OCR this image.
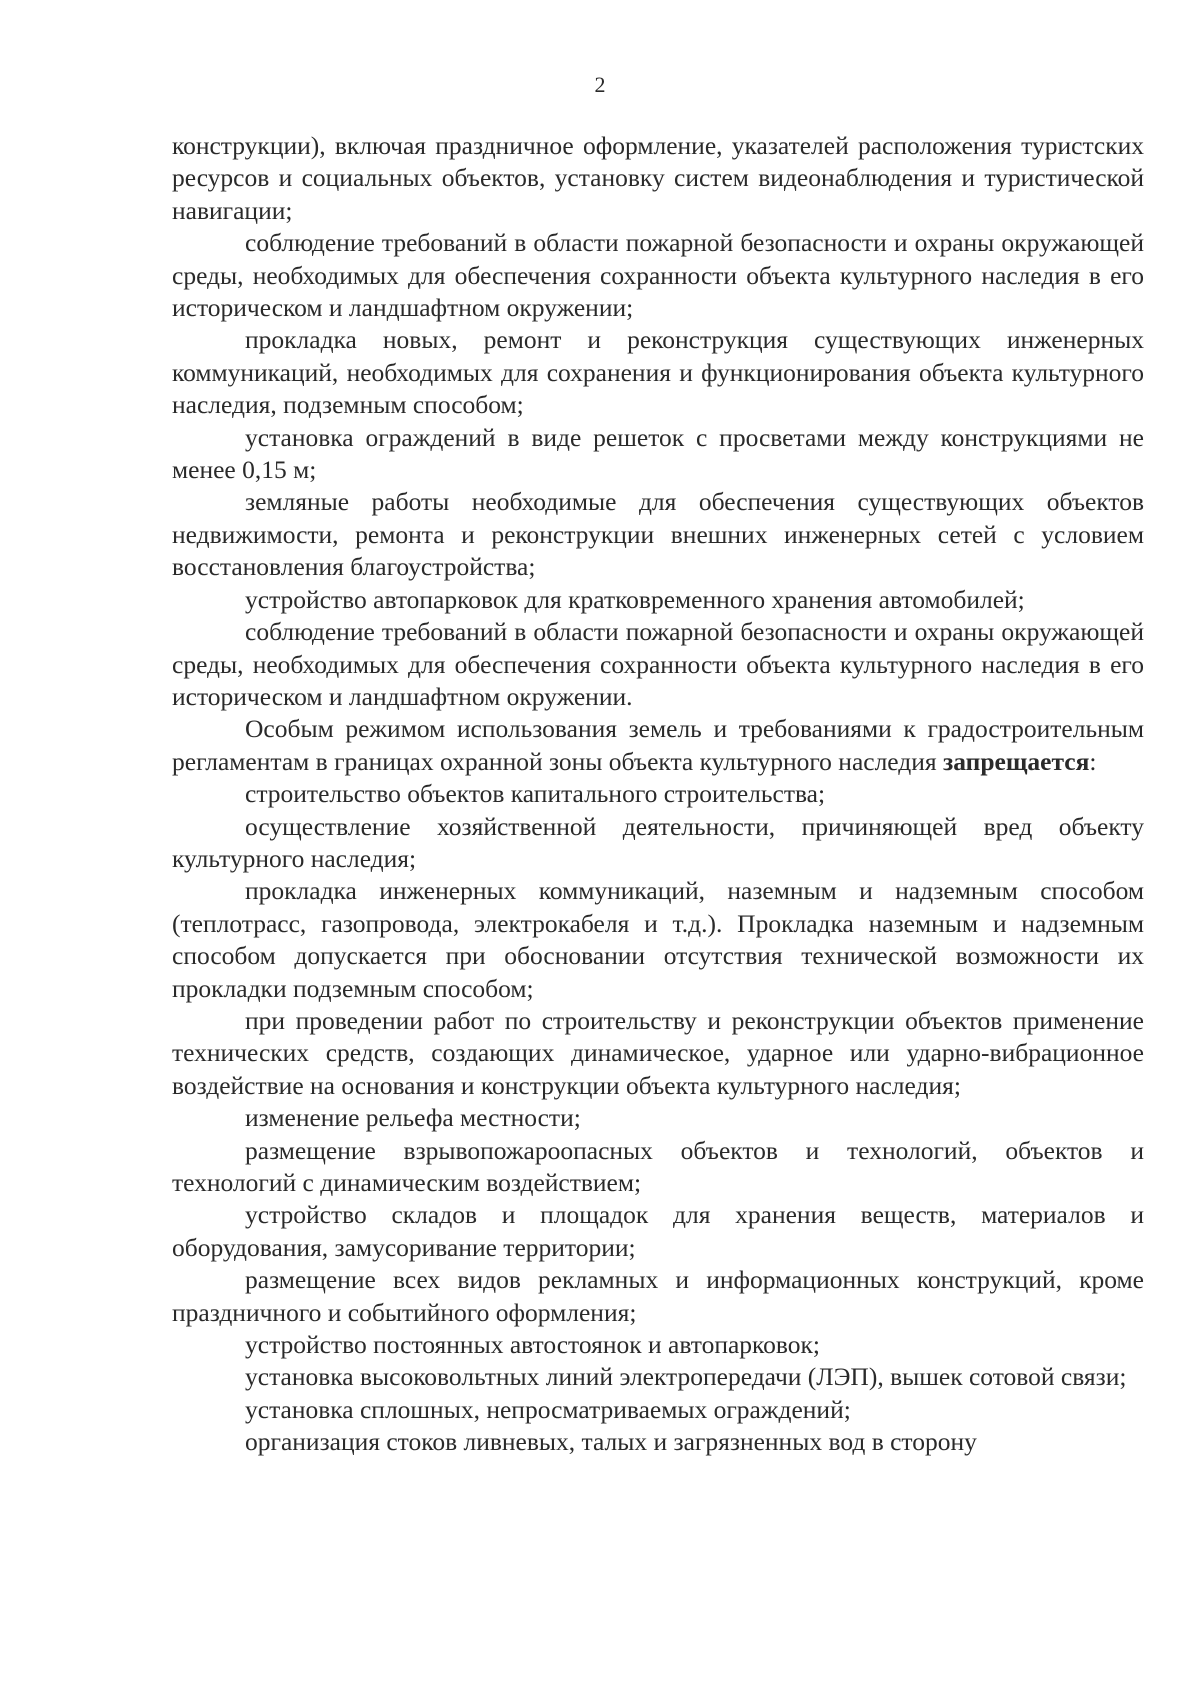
2

конструкции), включая праздничное оформление, указателей расположения туристских ресурсов и социальных объектов, установку систем видеонаблюдения и туристической навигации;

соблюдение требований в области пожарной безопасности и охраны окружающей среды, необходимых для обеспечения сохранности объекта культурного наследия в его историческом и ландшафтном окружении;

прокладка новых, ремонт и реконструкция существующих инженерных коммуникаций, необходимых для сохранения и функционирования объекта культурного наследия, подземным способом;

установка ограждений в виде решеток с просветами между конструкциями не менее 0,15 м;

земляные работы необходимые для обеспечения существующих объектов недвижимости, ремонта и реконструкции внешних инженерных сетей с условием восстановления благоустройства;

устройство автопарковок для кратковременного хранения автомобилей;

соблюдение требований в области пожарной безопасности и охраны окружающей среды, необходимых для обеспечения сохранности объекта культурного наследия в его историческом и ландшафтном окружении.

Особым режимом использования земель и требованиями к градостроительным регламентам в границах охранной зоны объекта культурного наследия запрещается:

строительство объектов капитального строительства;

осуществление хозяйственной деятельности, причиняющей вред объекту культурного наследия;

прокладка инженерных коммуникаций, наземным и надземным способом (теплотрасс, газопровода, электрокабеля и т.д.). Прокладка наземным и надземным способом допускается при обосновании отсутствия технической возможности их прокладки подземным способом;

при проведении работ по строительству и реконструкции объектов применение технических средств, создающих динамическое, ударное или ударно-вибрационное воздействие на основания и конструкции объекта культурного наследия;

изменение рельефа местности;

размещение взрывопожароопасных объектов и технологий, объектов и технологий с динамическим воздействием;

устройство складов и площадок для хранения веществ, материалов и оборудования, замусоривание территории;

размещение всех видов рекламных и информационных конструкций, кроме праздничного и событийного оформления;

устройство постоянных автостоянок и автопарковок;

установка высоковольтных линий электропередачи (ЛЭП), вышек сотовой связи;

установка сплошных, непросматриваемых ограждений;

организация стоков ливневых, талых и загрязненных вод в сторону
